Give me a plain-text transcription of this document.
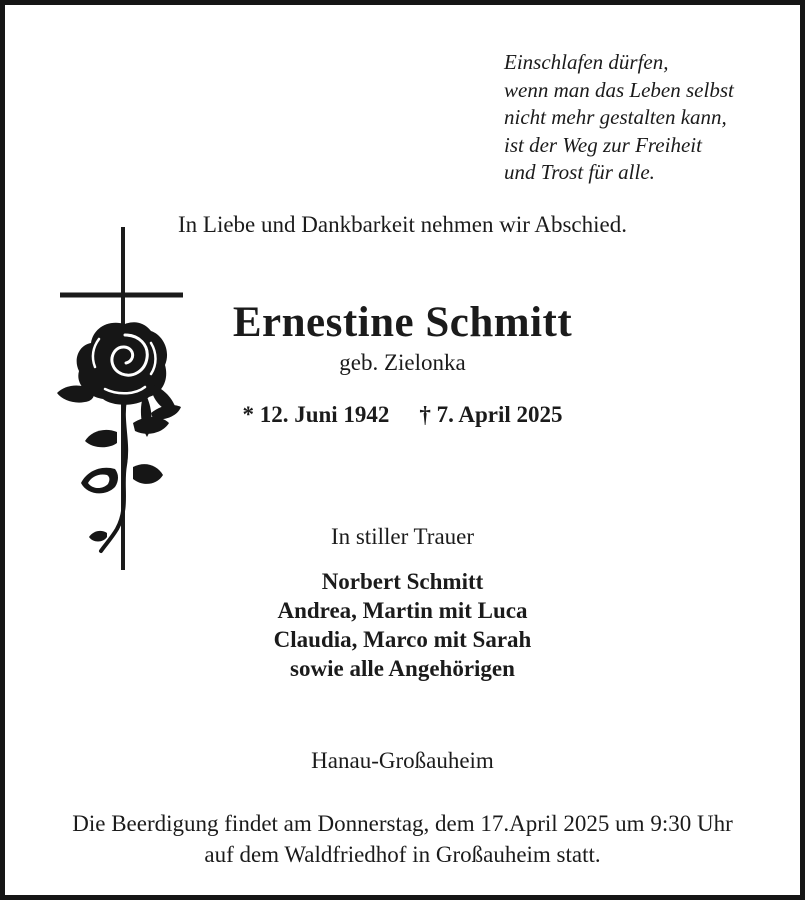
Einschlafen dürfen,
wenn man das Leben selbst
nicht mehr gestalten kann,
ist der Weg zur Freiheit
und Trost für alle.
In Liebe und Dankbarkeit nehmen wir Abschied.
Ernestine Schmitt
geb. Zielonka
* 12. Juni 1942 † 7. April 2025
In stiller Trauer
Norbert Schmitt
Andrea, Martin mit Luca
Claudia, Marco mit Sarah
sowie alle Angehörigen
Hanau-Großauheim
Die Beerdigung findet am Donnerstag, dem 17.April 2025 um 9:30 Uhr
auf dem Waldfriedhof in Großauheim statt.
